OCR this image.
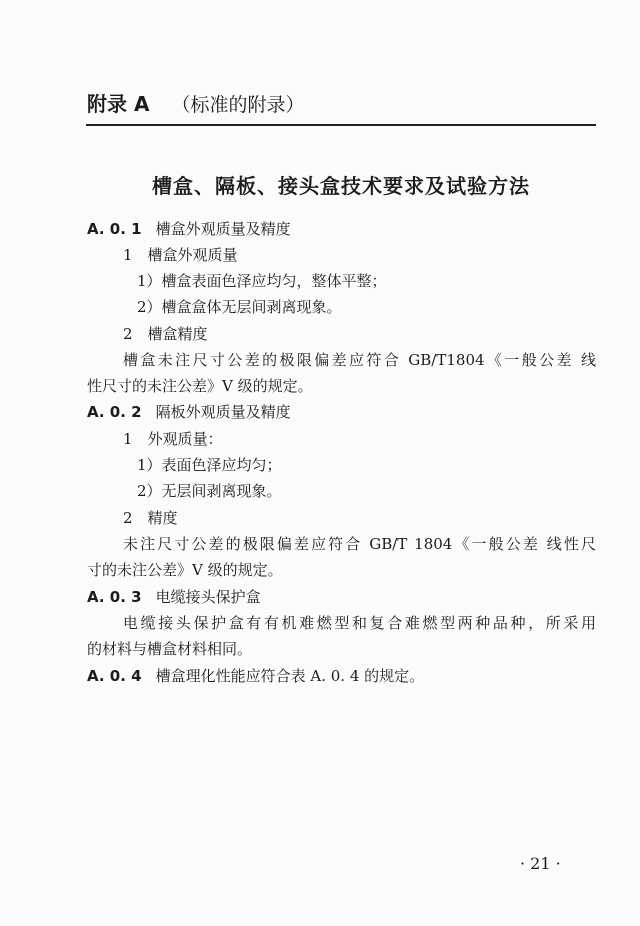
附录 A （标准的附录）
槽盒、隔板、接头盒技术要求及试验方法
A. 0. 1 槽盒外观质量及精度
1　槽盒外观质量
1）槽盒表面色泽应均匀，整体平整；
2）槽盒盒体无层间剥离现象。
2　槽盒精度
槽盒未注尺寸公差的极限偏差应符合 GB/T1804《一般公差 线
性尺寸的未注公差》V 级的规定。
A. 0. 2 隔板外观质量及精度
1　外观质量：
1）表面色泽应均匀；
2）无层间剥离现象。
2　精度
未注尺寸公差的极限偏差应符合 GB/T 1804《一般公差 线性尺
寸的未注公差》V 级的规定。
A. 0. 3 电缆接头保护盒
电缆接头保护盒有有机难燃型和复合难燃型两种品种，所采用
的材料与槽盒材料相同。
A. 0. 4 槽盒理化性能应符合表 A. 0. 4 的规定。
· 21 ·
